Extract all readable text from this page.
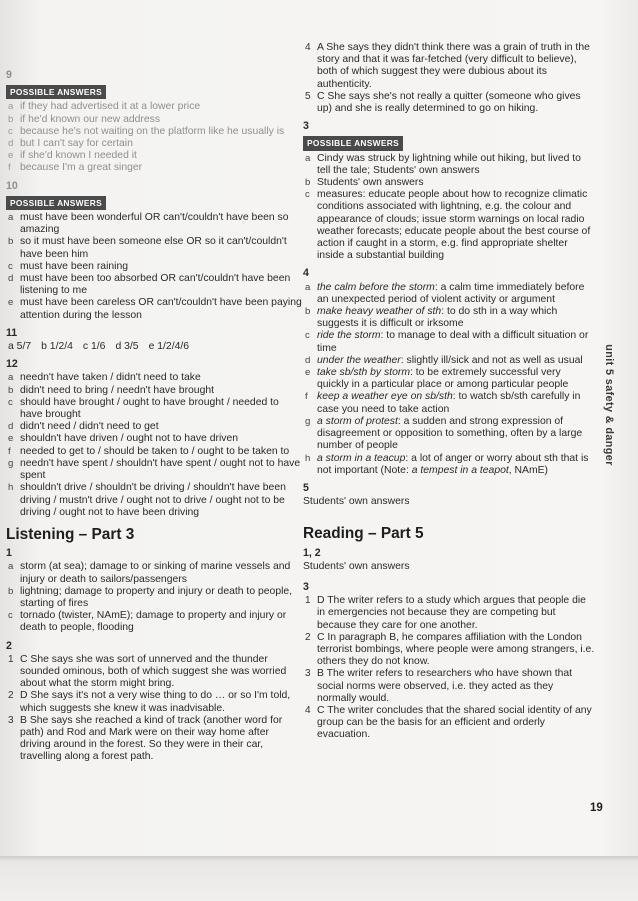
9
POSSIBLE ANSWERS

a if they had advertised it at a lower price

b if he'd known our new address

c because he's not waiting on the platform like he usually is

d but I can't say for certain

e if she'd known I needed it

f because I'm a great singer

10
POSSIBLE ANSWERS

a must have been wonderful OR can't/couldn't have been so amazing

b so it must have been someone else OR so it can't/couldn't have been him

c must have been raining

d must have been too absorbed OR can't/couldn't have been listening to me

e must have been careless OR can't/couldn't have been paying attention during the lesson

11
a 5/7 b 1/2/4 c 1/6 d 3/5 e 1/2/4/6
12

a needn't have taken / didn't need to take

b didn't need to bring / needn't have brought

c should have brought / ought to have brought / needed to have brought

d didn't need / didn't need to get

e shouldn't have driven / ought not to have driven

f needed to get to / should be taken to / ought to be taken to

g needn't have spent / shouldn't have spent / ought not to have spent

h shouldn't drive / shouldn't be driving / shouldn't have been driving / mustn't drive / ought not to drive / ought not to be driving / ought not to have been driving

Listening – Part 3
1

a storm (at sea); damage to or sinking of marine vessels and injury or death to sailors/passengers

b lightning; damage to property and injury or death to people, starting of fires

c tornado (twister, NAmE); damage to property and injury or death to people, flooding

2

1 C She says she was sort of unnerved and the thunder sounded ominous, both of which suggest she was worried about what the storm might bring.

2 D She says it's not a very wise thing to do … or so I'm told, which suggests she knew it was inadvisable.

3 B She says she reached a kind of track (another word for path) and Rod and Mark were on their way home after driving around in the forest. So they were in their car, travelling along a forest path.

4 A She says they didn't think there was a grain of truth in the story and that it was far-fetched (very difficult to believe), both of which suggest they were dubious about its authenticity.

5 C She says she's not really a quitter (someone who gives up) and she is really determined to go on hiking.

3
POSSIBLE ANSWERS

a Cindy was struck by lightning while out hiking, but lived to tell the tale; Students' own answers

b Students' own answers

c measures: educate people about how to recognize climatic conditions associated with lightning, e.g. the colour and appearance of clouds; issue storm warnings on local radio weather forecasts; educate people about the best course of action if caught in a storm, e.g. find appropriate shelter inside a substantial building

4

a the calm before the storm: a calm time immediately before an unexpected period of violent activity or argument

b make heavy weather of sth: to do sth in a way which suggests it is difficult or irksome

c ride the storm: to manage to deal with a difficult situation or time

d under the weather: slightly ill/sick and not as well as usual

e take sb/sth by storm: to be extremely successful very quickly in a particular place or among particular people

f keep a weather eye on sb/sth: to watch sb/sth carefully in case you need to take action

g a storm of protest: a sudden and strong expression of disagreement or opposition to something, often by a large number of people

h a storm in a teacup: a lot of anger or worry about sth that is not important (Note: a tempest in a teapot, NAmE)

5

Students' own answers

Reading – Part 5
1, 2

Students' own answers

3

1 D The writer refers to a study which argues that people die in emergencies not because they are competing but because they care for one another.

2 C In paragraph B, he compares affiliation with the London terrorist bombings, where people were among strangers, i.e. others they do not know.

3 B The writer refers to researchers who have shown that social norms were observed, i.e. they acted as they normally would.

4 C The writer concludes that the shared social identity of any group can be the basis for an efficient and orderly evacuation.

unit 5 safety & danger
19
